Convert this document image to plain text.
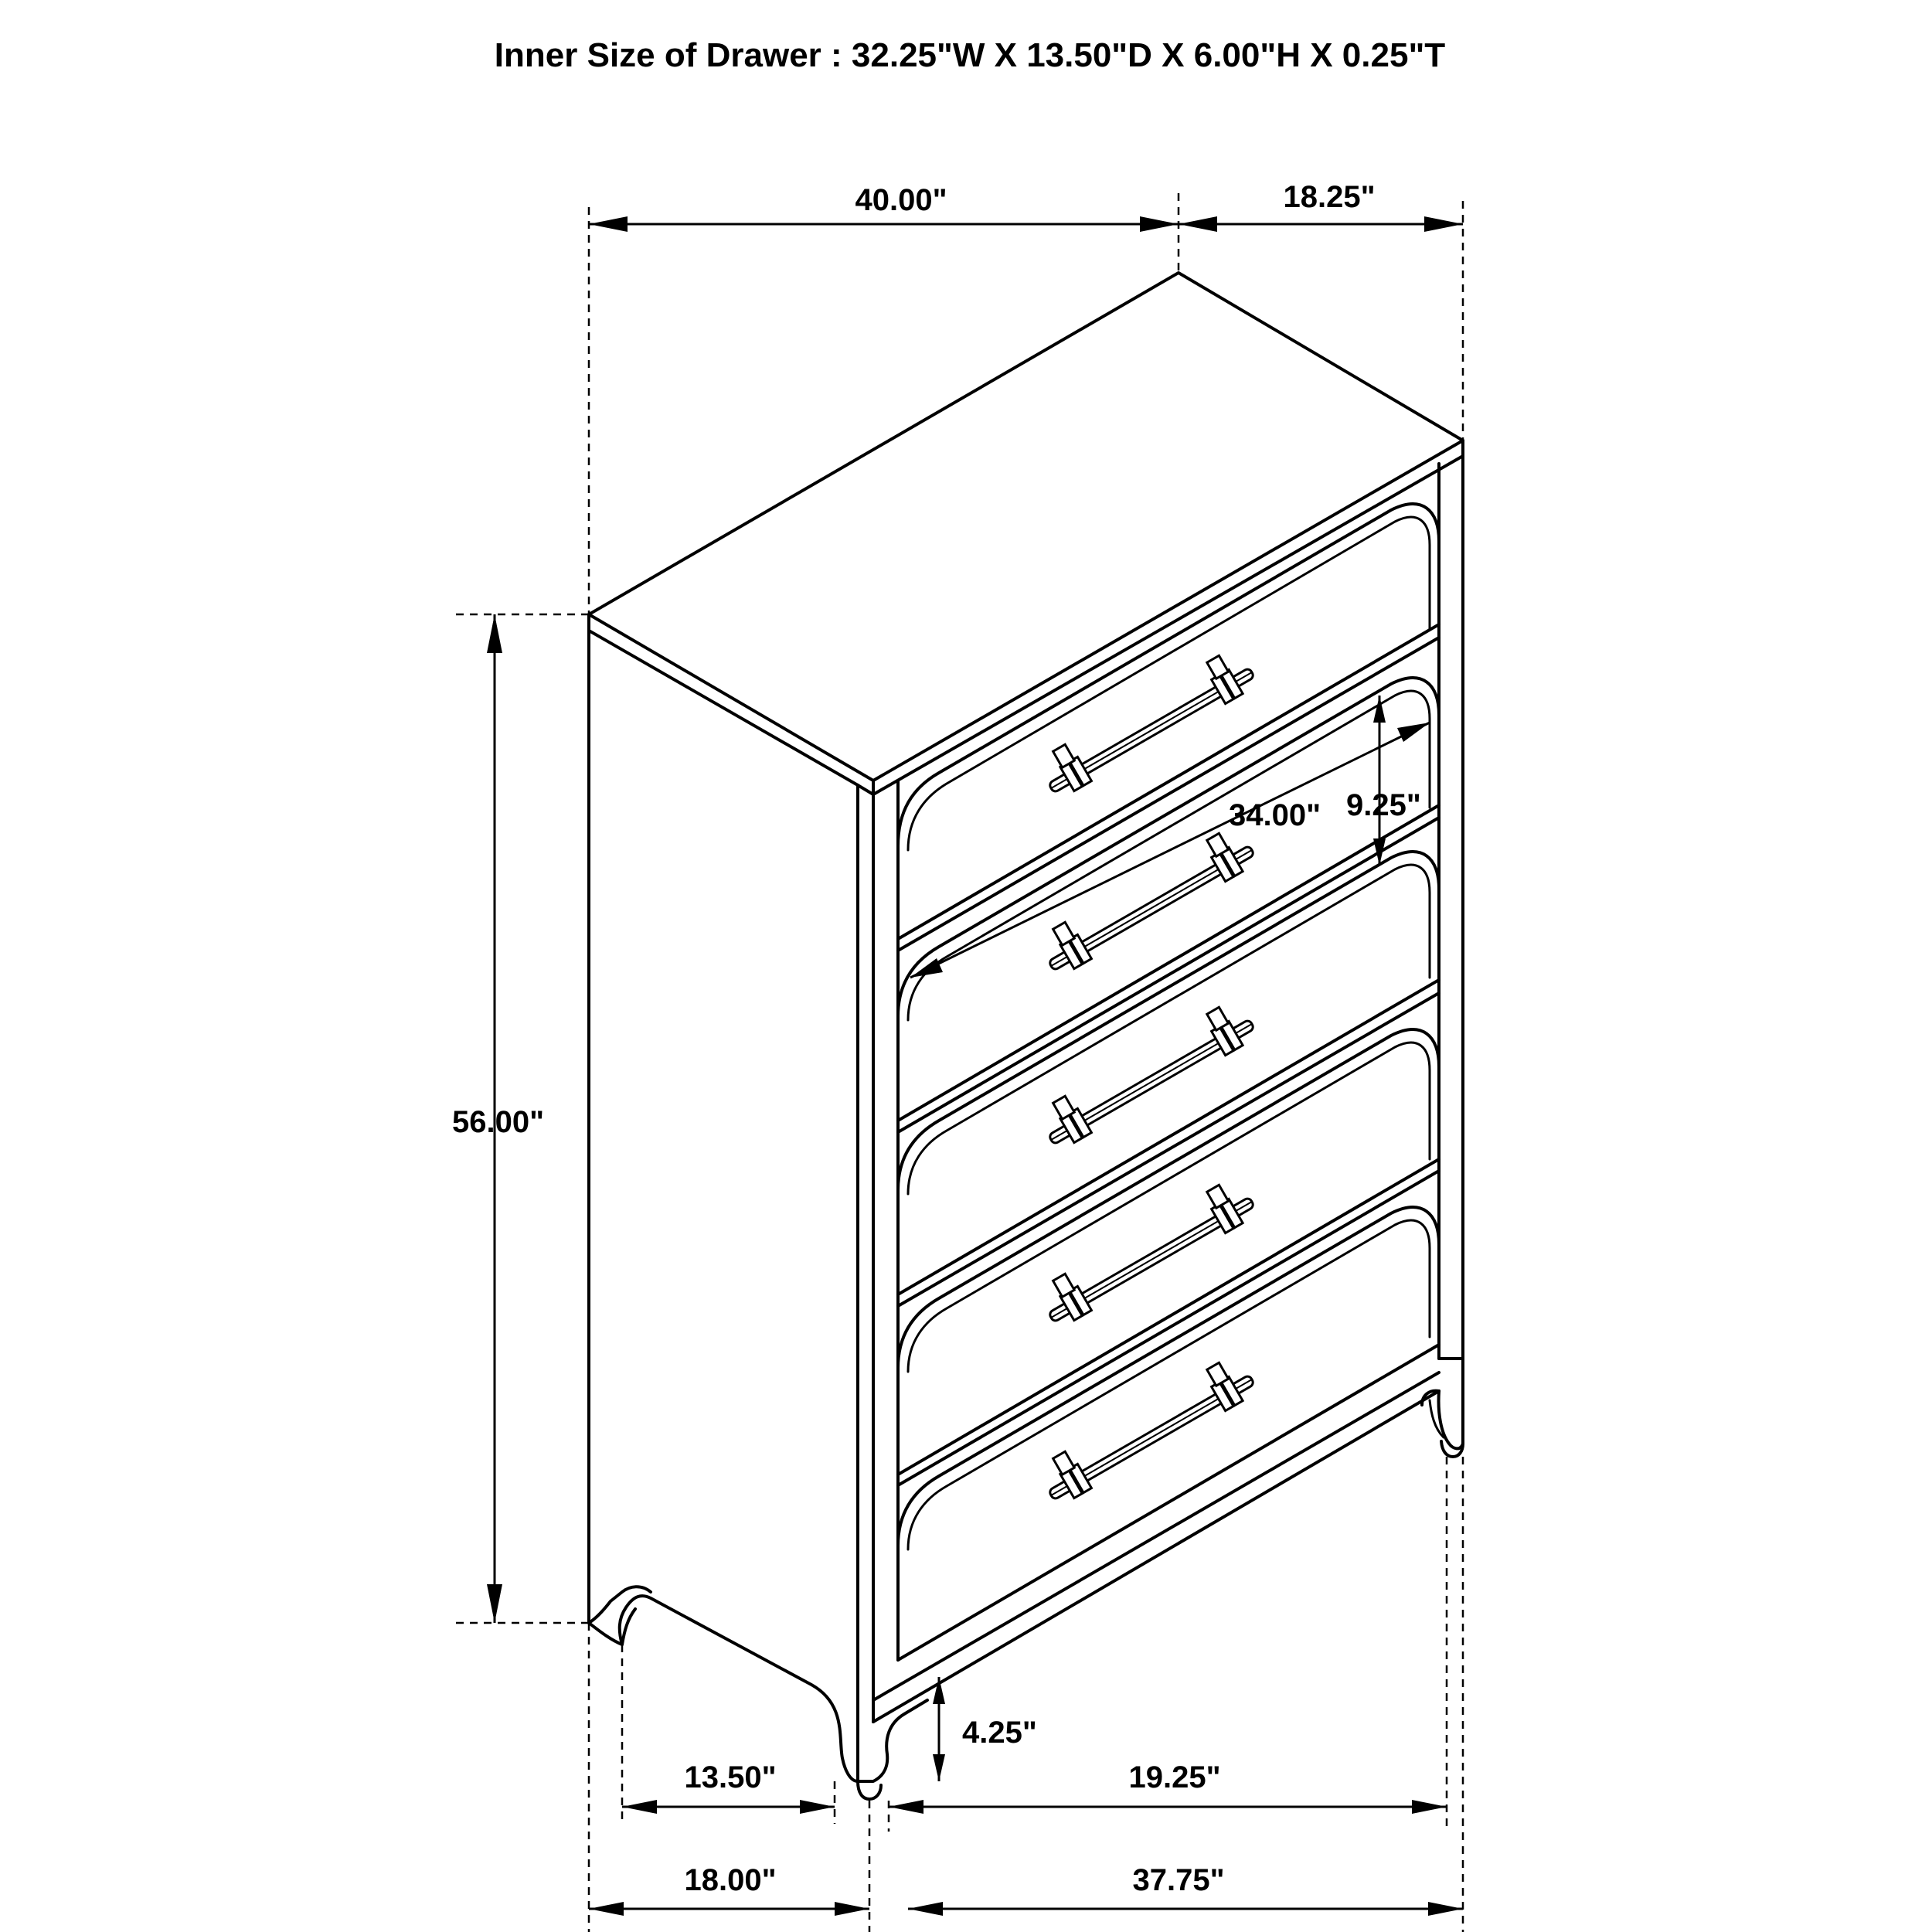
Inner Size of Drawer : 32.25"W X 13.50"D X 6.00"H X 0.25"T
40.00"	18.25"
56.00"
34.00" 9.25"
4.25"
13.50"	19.25"
18.00"	37.75"
